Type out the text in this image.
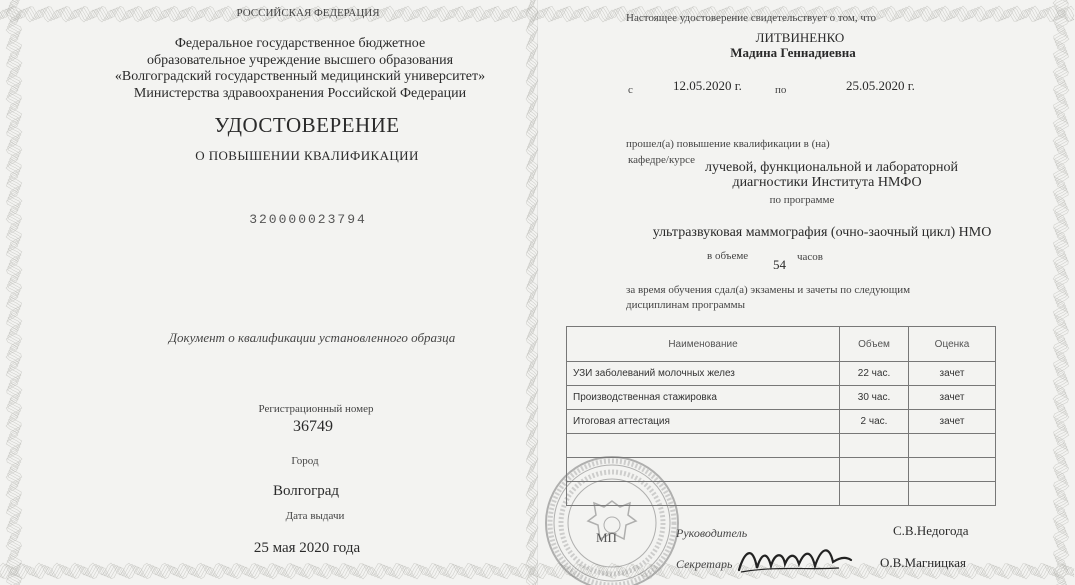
РОССИЙСКАЯ ФЕДЕРАЦИЯ
Федеральное государственное бюджетное
образовательное учреждение высшего образования
«Волгоградский государственный медицинский университет»
Министерства здравоохранения Российской Федерации
УДОСТОВЕРЕНИЕ
О ПОВЫШЕНИИ КВАЛИФИКАЦИИ
320000023794
Документ о квалификации установленного образца
Регистрационный номер
36749
Город
Волгоград
Дата выдачи
25 мая 2020 года
Настоящее удостоверение свидетельствует о том, что
ЛИТВИНЕНКО
Мадина Геннадиевна
с	12.05.2020 г.	по	25.05.2020 г.
прошел(а) повышение квалификации в (на)
кафедре/курсе лучевой, функциональной и лабораторной
диагностики Института НМФО
по программе
ультразвуковая маммография (очно-заочный цикл) НМО
в объеме
54 часов
за время обучения сдал(а) экзамены и зачеты по следующим
дисциплинам программы
Наименование	Объем	Оценка
УЗИ заболеваний молочных желез	22 час.	зачет
Производственная стажировка	30 час.	зачет
Итоговая аттестация	2 час.	зачет

МП	Руководитель	С.В.Недогода
Секретарь	О.В.Магницкая
